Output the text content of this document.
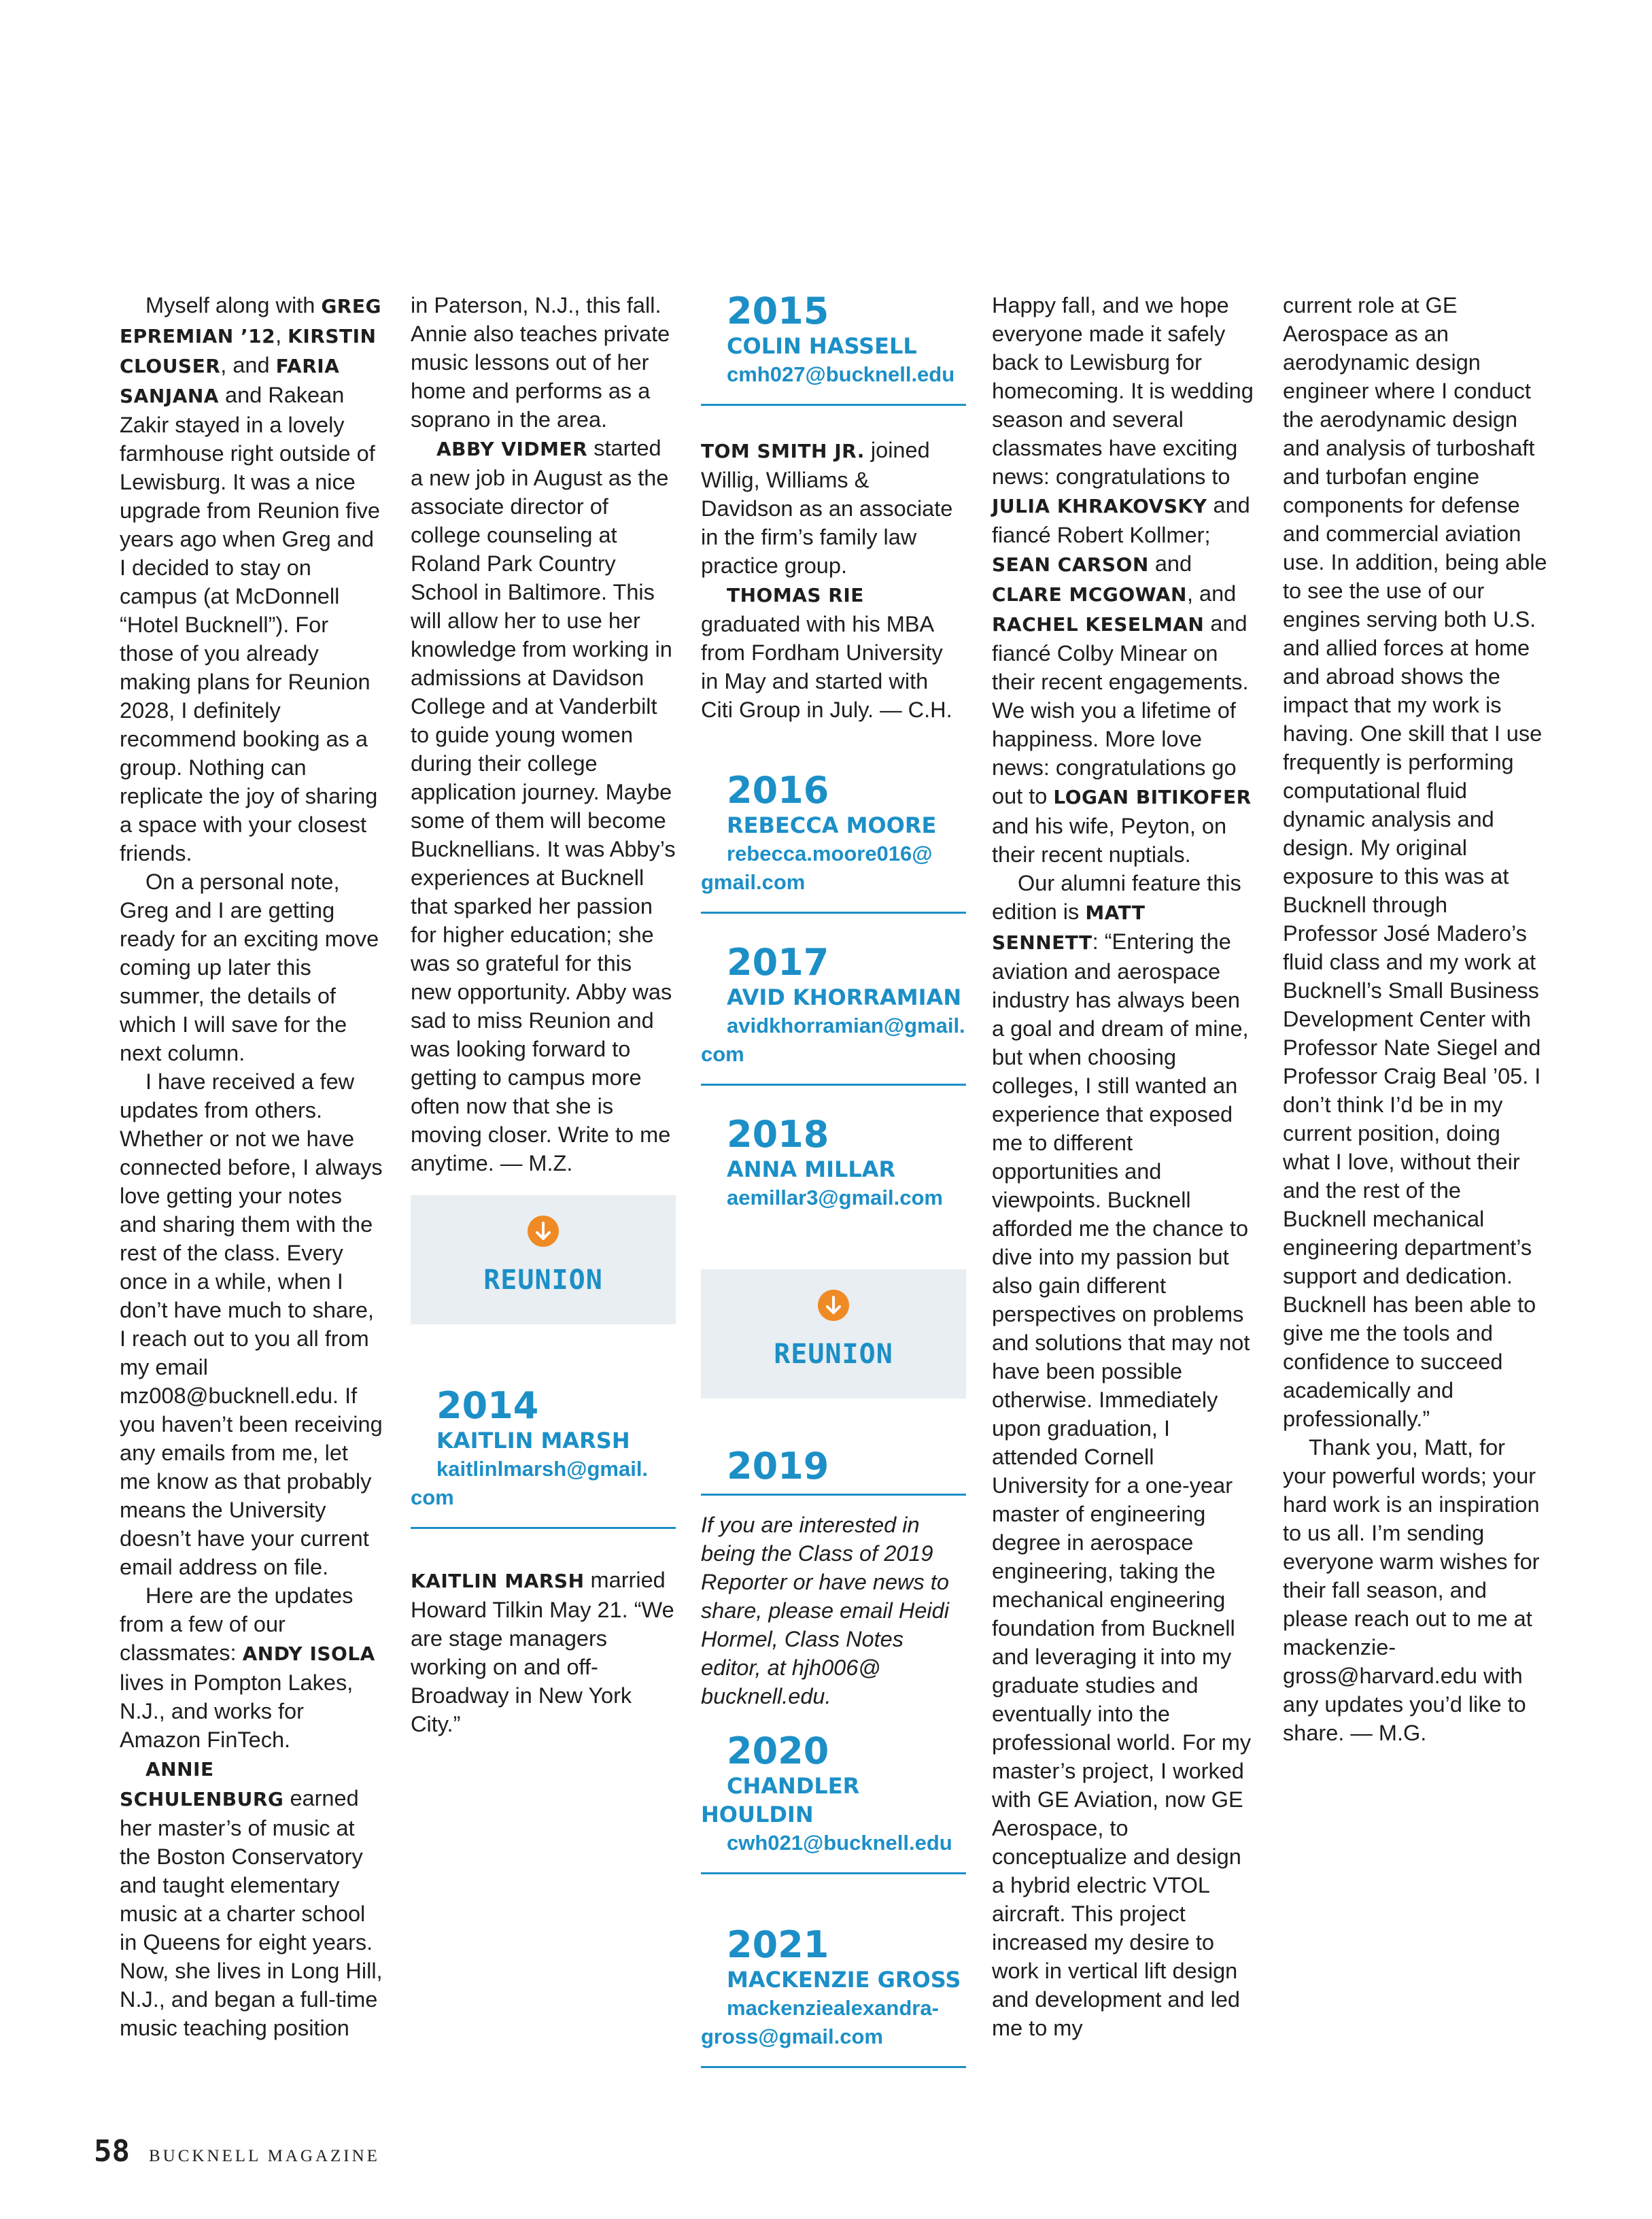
Myself along with GREG EPREMIAN ’12, KIRSTIN CLOUSER, and FARIA SANJANA and Rakean Zakir stayed in a lovely farmhouse right outside of Lewisburg. It was a nice upgrade from Reunion five years ago when Greg and I decided to stay on campus (at McDonnell “Hotel Bucknell”). For those of you already making plans for Reunion 2028, I definitely recommend booking as a group. Nothing can replicate the joy of sharing a space with your closest friends.

On a personal note, Greg and I are getting ready for an exciting move coming up later this summer, the details of which I will save for the next column.

I have received a few updates from others. Whether or not we have connected before, I always love getting your notes and sharing them with the rest of the class. Every once in a while, when I don’t have much to share, I reach out to you all from my email mz008@bucknell.edu. If you haven’t been receiving any emails from me, let me know as that probably means the University doesn’t have your current email address on file.

Here are the updates from a few of our classmates: ANDY ISOLA lives in Pompton Lakes, N.J., and works for Amazon FinTech.

ANNIE SCHULENBURG earned her master’s of music at the Boston Conservatory and taught elementary music at a charter school in Queens for eight years. Now, she lives in Long Hill, N.J., and began a full-time music teaching position

in Paterson, N.J., this fall. Annie also teaches private music lessons out of her home and performs as a soprano in the area.

ABBY VIDMER started a new job in August as the associate director of college counseling at Roland Park Country School in Baltimore. This will allow her to use her knowledge from working in admissions at Davidson College and at Vanderbilt to guide young women during their college application journey. Maybe some of them will become Bucknellians. It was Abby’s experiences at Bucknell that sparked her passion for higher education; she was so grateful for this new opportunity. Abby was sad to miss Reunion and was looking forward to getting to campus more often now that she is moving closer. Write to me anytime. — M.Z.

REUNION

2014

KAITLIN MARSH

kaitlinlmarsh@gmail.
com

KAITLIN MARSH married Howard Tilkin May 21. “We are stage managers working on and off-Broadway in New York City.”

2015

COLIN HASSELL

cmh027@bucknell.edu

TOM SMITH JR. joined Willig, Williams & Davidson as an associate in the firm’s family law practice group.

THOMAS RIE graduated with his MBA from Fordham University in May and started with Citi Group in July. — C.H.

2016

REBECCA MOORE

rebecca.moore016@
gmail.com

2017

AVID KHORRAMIAN

avidkhorramian@gmail.
com

2018

ANNA MILLAR

aemillar3@gmail.com

REUNION

2019

If you are interested in being the Class of 2019 Reporter or have news to share, please email Heidi Hormel, Class Notes editor, at hjh006@ bucknell.edu.

2020

CHANDLER HOULDIN

cwh021@bucknell.edu

2021

MACKENZIE GROSS

mackenziealexandra-
gross@gmail.com

Happy fall, and we hope everyone made it safely back to Lewisburg for homecoming. It is wedding season and several classmates have exciting news: congratulations to JULIA KHRAKOVSKY and fiancé Robert Kollmer; SEAN CARSON and CLARE MCGOWAN, and RACHEL KESELMAN and fiancé Colby Minear on their recent engagements. We wish you a lifetime of happiness. More love news: congratulations go out to LOGAN BITIKOFER and his wife, Peyton, on their recent nuptials.

Our alumni feature this edition is MATT SENNETT: “Entering the aviation and aerospace industry has always been a goal and dream of mine, but when choosing colleges, I still wanted an experience that exposed me to different opportunities and viewpoints. Bucknell afforded me the chance to dive into my passion but also gain different perspectives on problems and solutions that may not have been possible otherwise. Immediately upon graduation, I attended Cornell University for a one-year master of engineering degree in aerospace engineering, taking the mechanical engineering foundation from Bucknell and leveraging it into my graduate studies and eventually into the professional world. For my master’s project, I worked with GE Aviation, now GE Aerospace, to conceptualize and design a hybrid electric VTOL aircraft. This project increased my desire to work in vertical lift design and development and led me to my

current role at GE Aerospace as an aerodynamic design engineer where I conduct the aerodynamic design and analysis of turboshaft and turbofan engine components for defense and commercial aviation use. In addition, being able to see the use of our engines serving both U.S. and allied forces at home and abroad shows the impact that my work is having. One skill that I use frequently is performing computational fluid dynamic analysis and design. My original exposure to this was at Bucknell through Professor José Madero’s fluid class and my work at Bucknell’s Small Business Development Center with Professor Nate Siegel and Professor Craig Beal ’05. I don’t think I’d be in my current position, doing what I love, without their and the rest of the Bucknell mechanical engineering department’s support and dedication. Bucknell has been able to give me the tools and confidence to succeed academically and professionally.”

Thank you, Matt, for your powerful words; your hard work is an inspiration to us all. I’m sending everyone warm wishes for their fall season, and please reach out to me at mackenzie-gross@harvard.edu with any updates you’d like to share. — M.G.

58 BUCKNELL MAGAZINE
